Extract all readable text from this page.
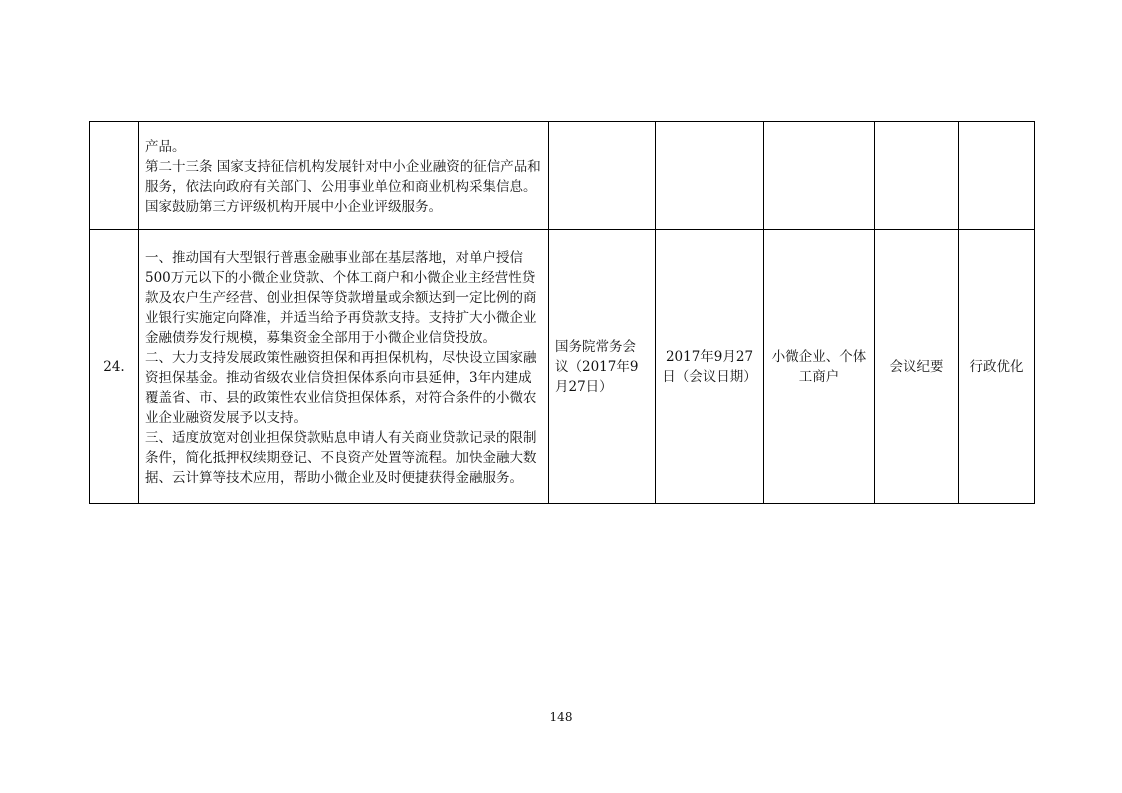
	产品。
第二十三条 国家支持征信机构发展针对中小企业融资的征信产品和服务，依法向政府有关部门、公用事业单位和商业机构采集信息。
国家鼓励第三方评级机构开展中小企业评级服务。					

24.	一、推动国有大型银行普惠金融事业部在基层落地，对单户授信500万元以下的小微企业贷款、个体工商户和小微企业主经营性贷款及农户生产经营、创业担保等贷款增量或余额达到一定比例的商业银行实施定向降准，并适当给予再贷款支持。支持扩大小微企业金融债券发行规模，募集资金全部用于小微企业信贷投放。
二、大力支持发展政策性融资担保和再担保机构，尽快设立国家融资担保基金。推动省级农业信贷担保体系向市县延伸，3年内建成覆盖省、市、县的政策性农业信贷担保体系，对符合条件的小微农业企业融资发展予以支持。
三、适度放宽对创业担保贷款贴息申请人有关商业贷款记录的限制条件，简化抵押权续期登记、不良资产处置等流程。加快金融大数据、云计算等技术应用，帮助小微企业及时便捷获得金融服务。	国务院常务会议（2017年9月27日）	2017年9月27日（会议日期）	小微企业、个体工商户	会议纪要	行政优化
148
